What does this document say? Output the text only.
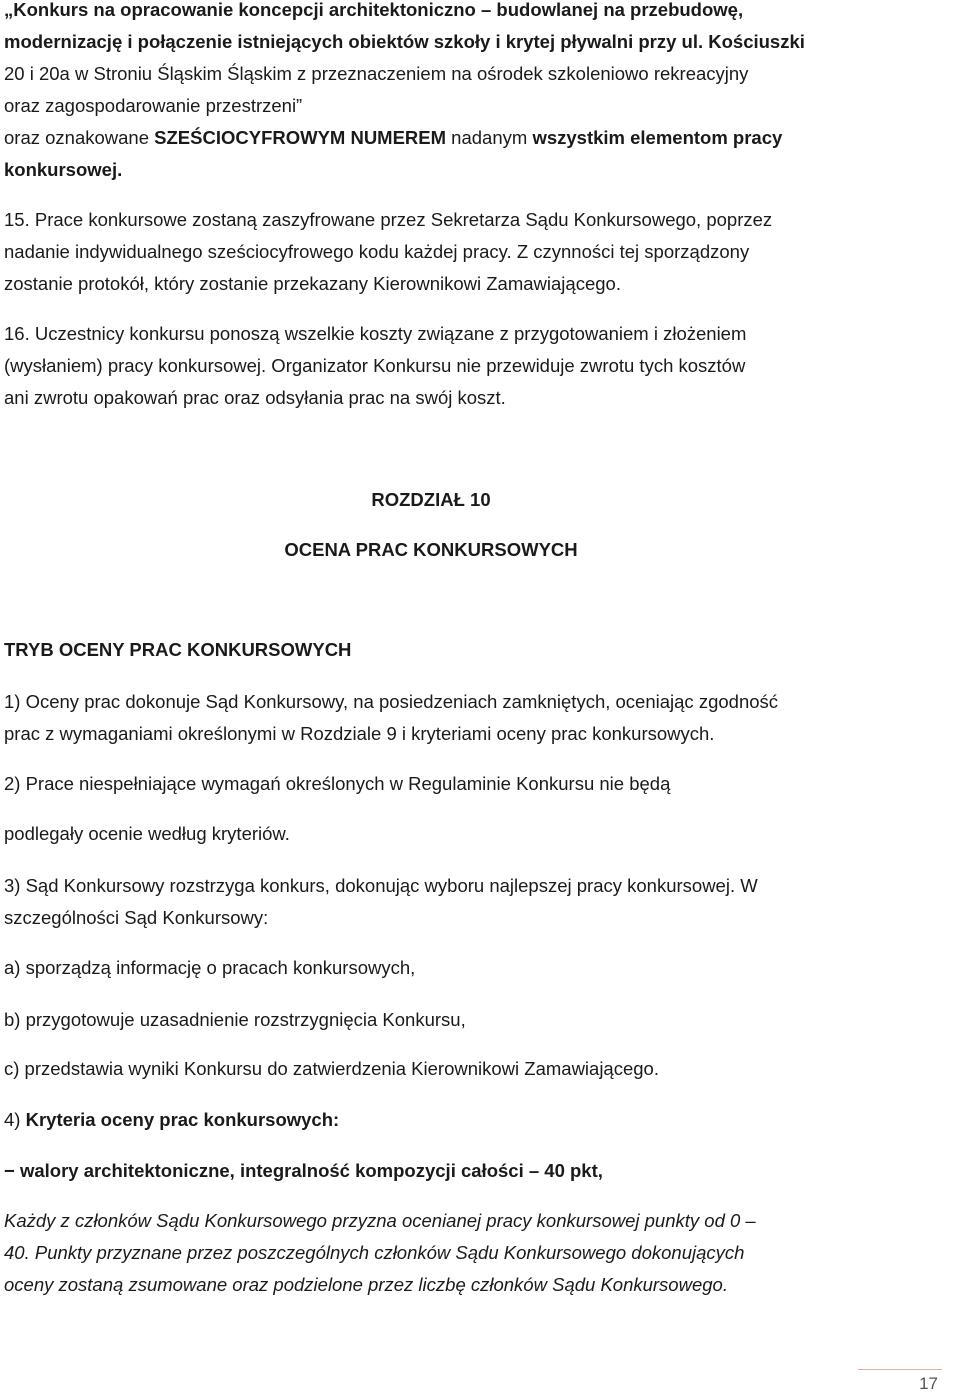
„Konkurs na opracowanie koncepcji architektoniczno – budowlanej na przebudowę,
modernizację i połączenie istniejących obiektów szkoły i krytej pływalni przy ul. Kościuszki
20 i 20a w Stroniu Śląskim Śląskim z przeznaczeniem na ośrodek szkoleniowo rekreacyjny
oraz zagospodarowanie przestrzeni”
oraz oznakowane SZEŚCIOCYFROWYM NUMEREM nadanym wszystkim elementom pracy
konkursowej.
15. Prace konkursowe zostaną zaszyfrowane przez Sekretarza Sądu Konkursowego, poprzez
nadanie indywidualnego sześciocyfrowego kodu każdej pracy. Z czynności tej sporządzony
zostanie protokół, który zostanie przekazany Kierownikowi Zamawiającego.
16. Uczestnicy konkursu ponoszą wszelkie koszty związane z przygotowaniem i złożeniem
(wysłaniem) pracy konkursowej. Organizator Konkursu nie przewiduje zwrotu tych kosztów
ani zwrotu opakowań prac oraz odsyłania prac na swój koszt.
ROZDZIAŁ 10
OCENA PRAC KONKURSOWYCH
TRYB OCENY PRAC KONKURSOWYCH
1) Oceny prac dokonuje Sąd Konkursowy, na posiedzeniach zamkniętych, oceniając zgodność
prac z wymaganiami określonymi w Rozdziale 9 i kryteriami oceny prac konkursowych.
2) Prace niespełniające wymagań określonych w Regulaminie Konkursu nie będą
podlegały ocenie według kryteriów.
3) Sąd Konkursowy rozstrzyga konkurs, dokonując wyboru najlepszej pracy konkursowej. W
szczególności Sąd Konkursowy:
a) sporządzą informację o pracach konkursowych,
b) przygotowuje uzasadnienie rozstrzygnięcia Konkursu,
c) przedstawia wyniki Konkursu do zatwierdzenia Kierownikowi Zamawiającego.
4) Kryteria oceny prac konkursowych:
− walory architektoniczne, integralność kompozycji całości – 40 pkt,
Każdy z członków Sądu Konkursowego przyzna ocenianej pracy konkursowej punkty od 0 –
40. Punkty przyznane przez poszczególnych członków Sądu Konkursowego dokonujących
oceny zostaną zsumowane oraz podzielone przez liczbę członków Sądu Konkursowego.
17
